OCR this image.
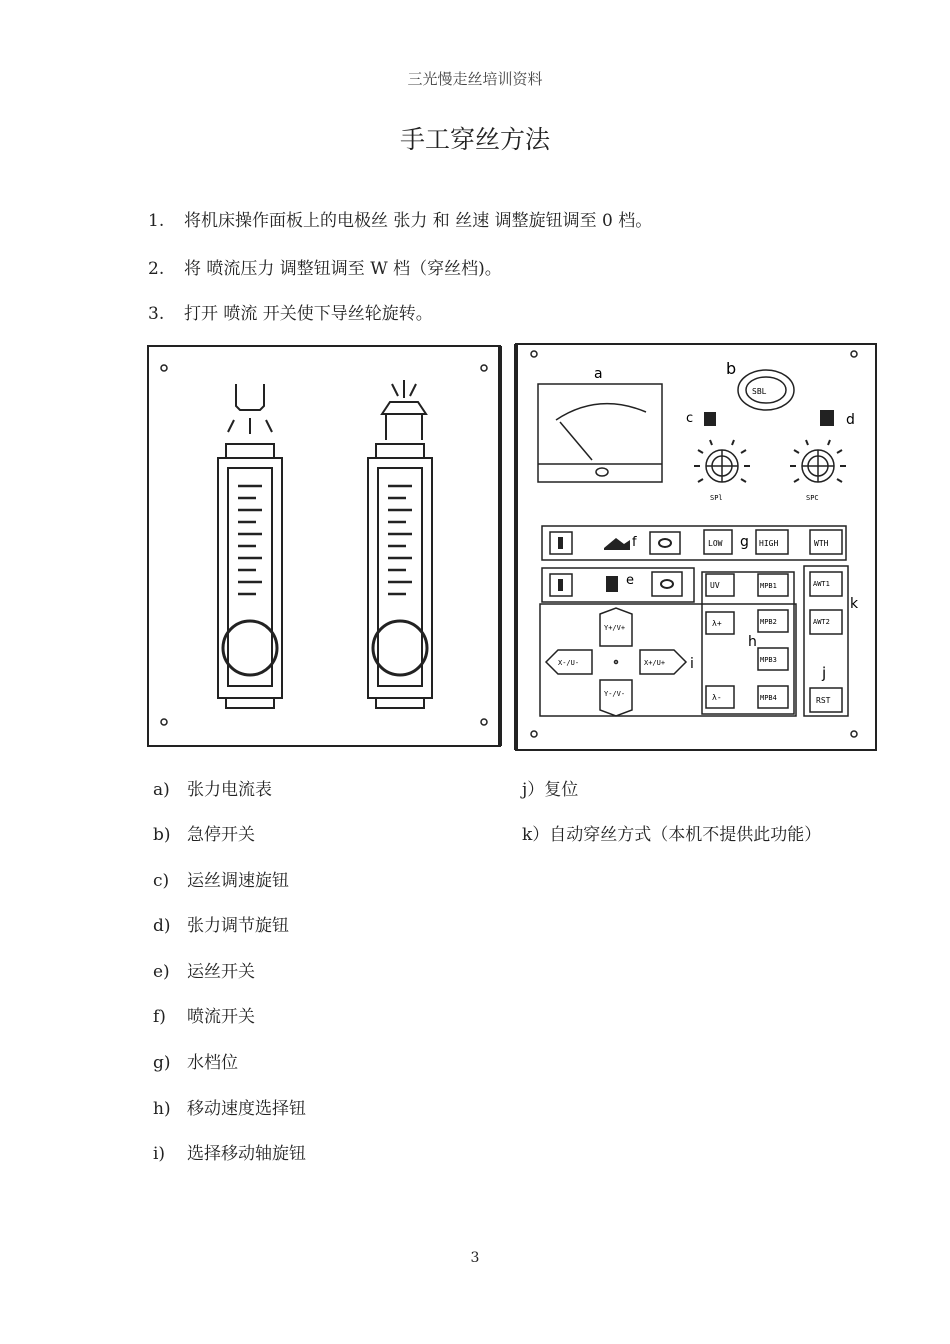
三光慢走丝培训资料
手工穿丝方法
1. 将机床操作面板上的电极丝 张力 和 丝速 调整旋钮调至 0 档。
2. 将 喷流压力 调整钮调至 W 档（穿丝档)。
3. 打开 喷流 开关使下导丝轮旋转。
a
SBL
b
c
SPl
d
SPC
f	LOW g HIGH	WTH
e	UV
λ+
λ-
MPB1
MPB2
MPB3
MPB4
h
Y+/V+
Y-/V-
X-/U-	X+/U+ i
AWT1
AWT2
RST
j
k
a) 张力电流表
b) 急停开关
c) 运丝调速旋钮
d) 张力调节旋钮
e) 运丝开关
f) 喷流开关
g) 水档位
h) 移动速度选择钮
i) 选择移动轴旋钮
j）复位
k）自动穿丝方式（本机不提供此功能）
3
